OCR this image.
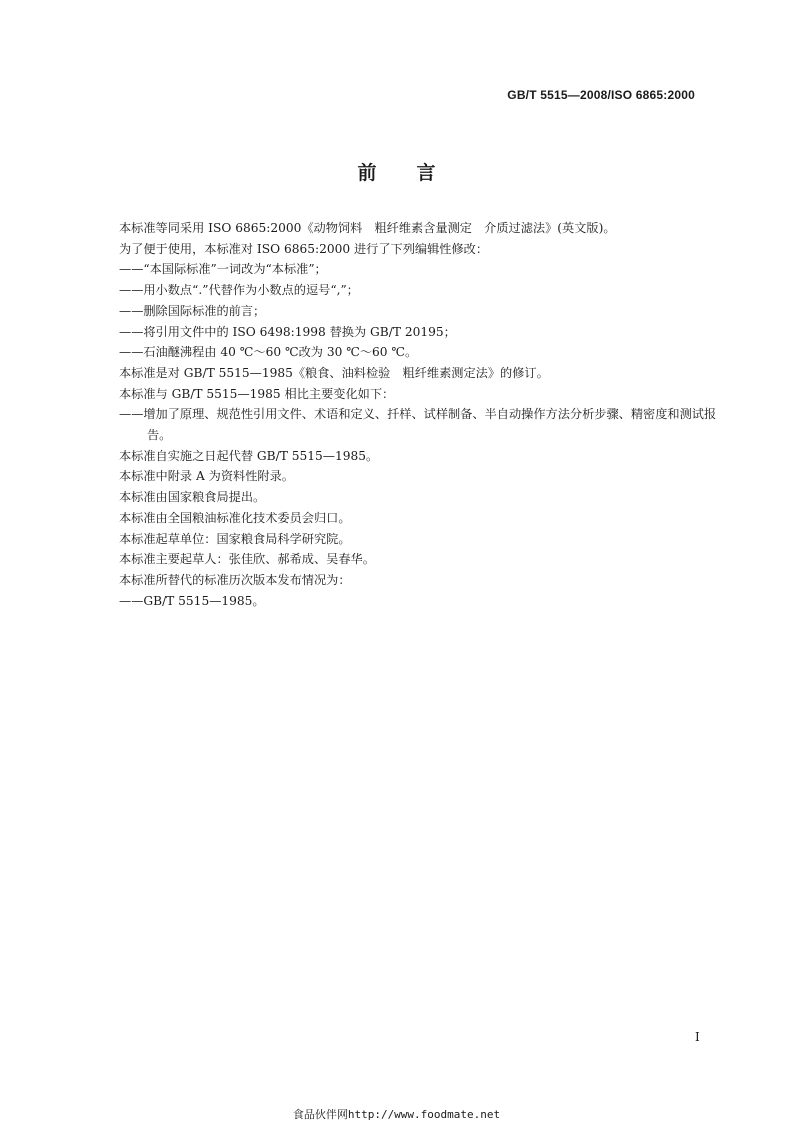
GB/T 5515—2008/ISO 6865:2000
前言

本标准等同采用 ISO 6865:2000《动物饲料　粗纤维素含量测定　介质过滤法》(英文版)。

为了便于使用，本标准对 ISO 6865:2000 进行了下列编辑性修改：

——“本国际标准”一词改为“本标准”；

——用小数点“.”代替作为小数点的逗号“,”；

——删除国际标准的前言；

——将引用文件中的 ISO 6498:1998 替换为 GB/T 20195；

——石油醚沸程由 40 ℃～60 ℃改为 30 ℃～60 ℃。

本标准是对 GB/T 5515—1985《粮食、油料检验　粗纤维素测定法》的修订。

本标准与 GB/T 5515—1985 相比主要变化如下：

——增加了原理、规范性引用文件、术语和定义、扦样、试样制备、半自动操作方法分析步骤、精密度和测试报告。

本标准自实施之日起代替 GB/T 5515—1985。

本标准中附录 A 为资料性附录。

本标准由国家粮食局提出。

本标准由全国粮油标准化技术委员会归口。

本标准起草单位：国家粮食局科学研究院。

本标准主要起草人：张佳欣、郝希成、吴春华。

本标准所替代的标准历次版本发布情况为：

——GB/T 5515—1985。

I
食品伙伴网http://www.foodmate.net
